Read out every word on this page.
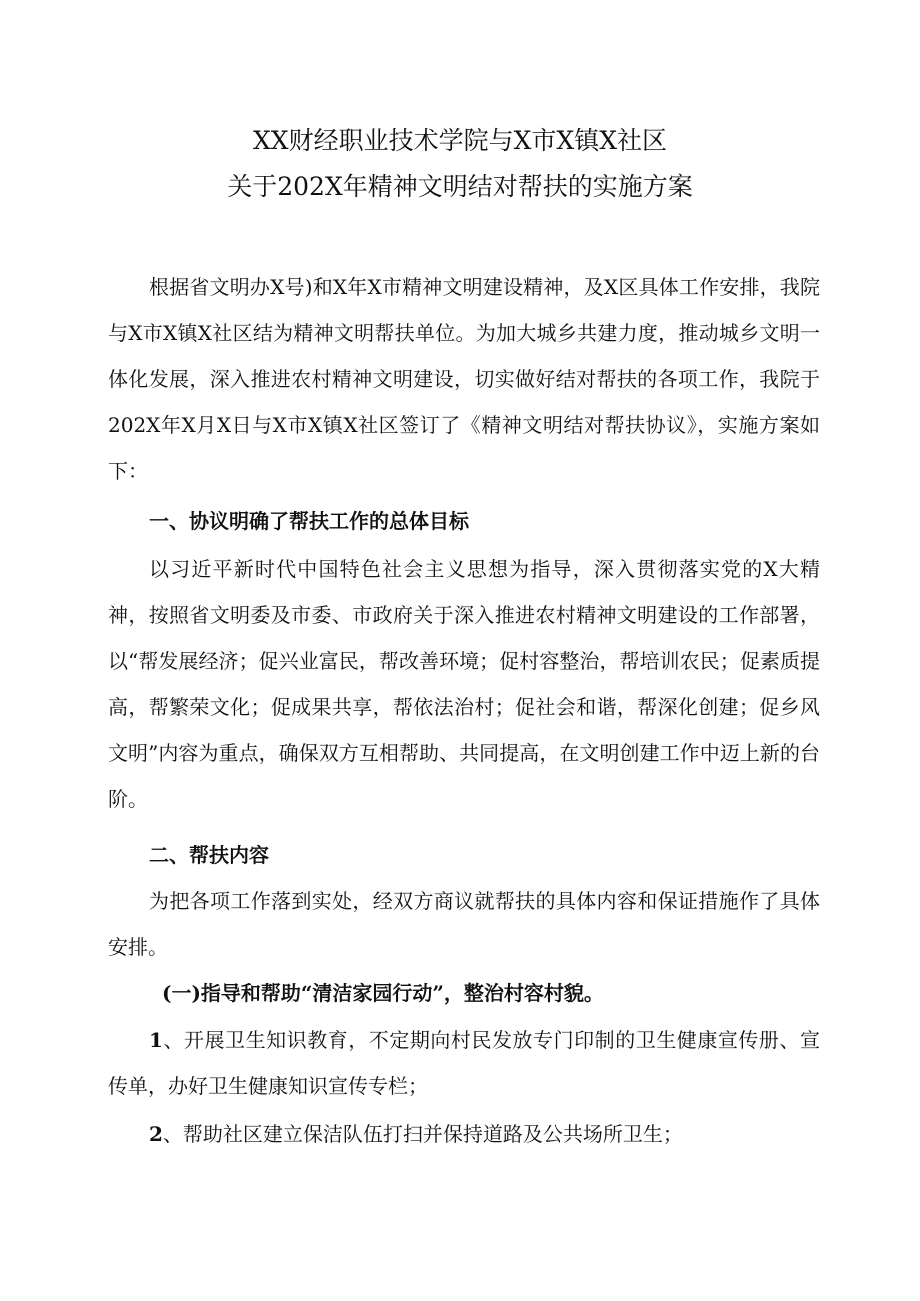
XX财经职业技术学院与X市X镇X社区
关于202X年精神文明结对帮扶的实施方案

根据省文明办X号)和X年X市精神文明建设精神，及X区具体工作安排，我院与X市X镇X社区结为精神文明帮扶单位。为加大城乡共建力度，推动城乡文明一体化发展，深入推进农村精神文明建设，切实做好结对帮扶的各项工作，我院于202X年X月X日与X市X镇X社区签订了《精神文明结对帮扶协议》，实施方案如下：

一、协议明确了帮扶工作的总体目标

以习近平新时代中国特色社会主义思想为指导，深入贯彻落实党的X大精神，按照省文明委及市委、市政府关于深入推进农村精神文明建设的工作部署，以“帮发展经济；促兴业富民，帮改善环境；促村容整治，帮培训农民；促素质提高，帮繁荣文化；促成果共享，帮依法治村；促社会和谐，帮深化创建；促乡风文明”内容为重点，确保双方互相帮助、共同提高，在文明创建工作中迈上新的台阶。

二、帮扶内容

为把各项工作落到实处，经双方商议就帮扶的具体内容和保证措施作了具体安排。

(一)指导和帮助“清洁家园行动”，整治村容村貌。

1、开展卫生知识教育，不定期向村民发放专门印制的卫生健康宣传册、宣传单，办好卫生健康知识宣传专栏；

2、帮助社区建立保洁队伍打扫并保持道路及公共场所卫生；
